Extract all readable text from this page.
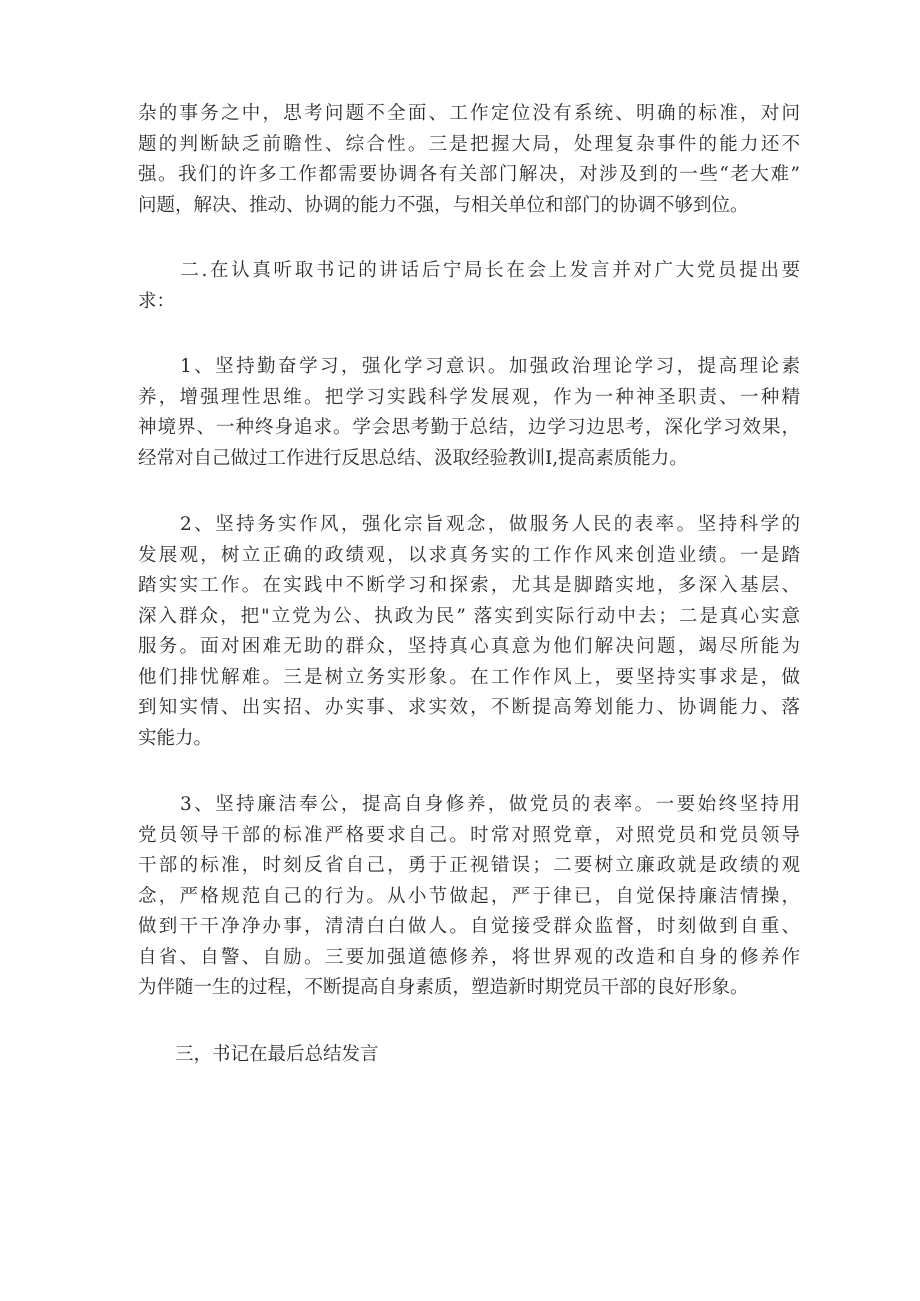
杂的事务之中，思考问题不全面、工作定位没有系统、明确的标准，对问
题的判断缺乏前瞻性、综合性。三是把握大局，处理复杂事件的能力还不
强。我们的许多工作都需要协调各有关部门解决，对涉及到的一些“老大难”
问题，解决、推动、协调的能力不强，与相关单位和部门的协调不够到位。
　　二.在认真听取书记的讲话后宁局长在会上发言并对广大党员提出要
求：
　　1、坚持勤奋学习，强化学习意识。加强政治理论学习，提高理论素
养，增强理性思维。把学习实践科学发展观，作为一种神圣职责、一种精
神境界、一种终身追求。学会思考勤于总结，边学习边思考，深化学习效果，
经常对自己做过工作进行反思总结、汲取经验教训Ⅰ,提高素质能力。
　　2、坚持务实作风，强化宗旨观念，做服务人民的表率。坚持科学的
发展观，树立正确的政绩观，以求真务实的工作作风来创造业绩。一是踏
踏实实工作。在实践中不断学习和探索，尤其是脚踏实地，多深入基层、
深入群众，把"立党为公、执政为民” 落实到实际行动中去；二是真心实意
服务。面对困难无助的群众，坚持真心真意为他们解决问题，竭尽所能为
他们排忧解难。三是树立务实形象。在工作作风上，要坚持实事求是，做
到知实情、出实招、办实事、求实效，不断提高筹划能力、协调能力、落
实能力。
　　3、坚持廉洁奉公，提高自身修养，做党员的表率。一要始终坚持用
党员领导干部的标准严格要求自己。时常对照党章，对照党员和党员领导
干部的标准，时刻反省自己，勇于正视错误；二要树立廉政就是政绩的观
念，严格规范自己的行为。从小节做起，严于律已，自觉保持廉洁情操，
做到干干净净办事，清清白白做人。自觉接受群众监督，时刻做到自重、
自省、自警、自励。三要加强道德修养，将世界观的改造和自身的修养作
为伴随一生的过程，不断提高自身素质，塑造新时期党员干部的良好形象。
　　三，书记在最后总结发言
